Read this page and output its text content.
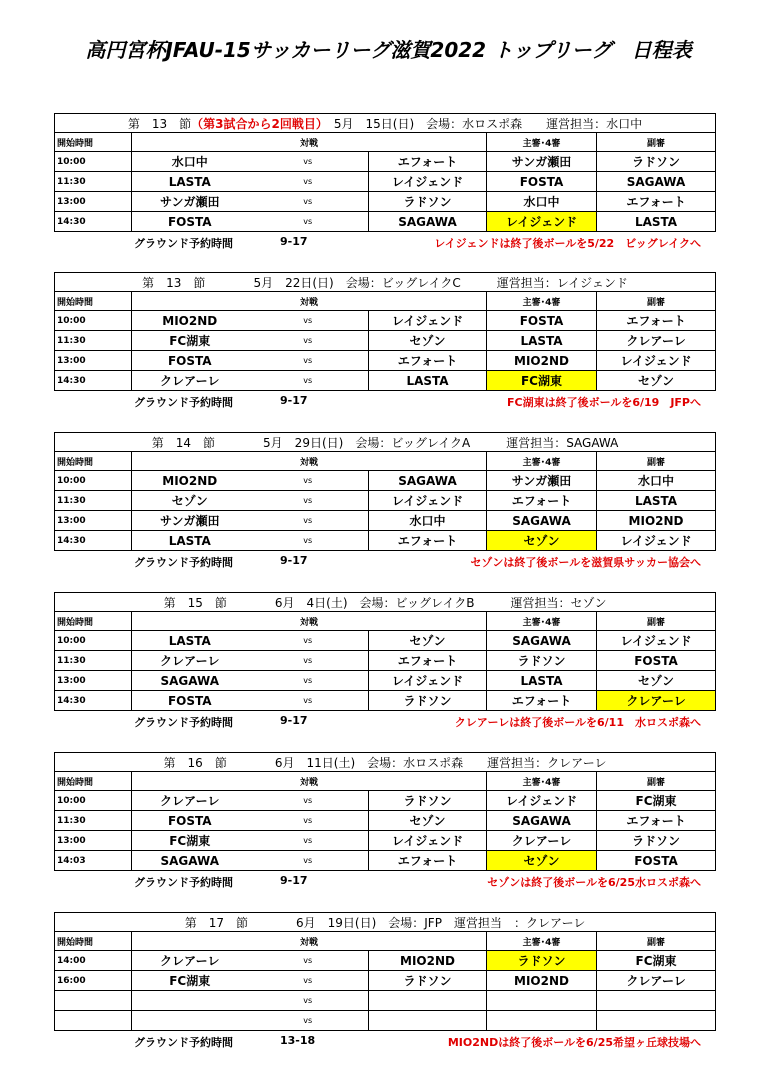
高円宮杯JFAU-15サッカーリーグ滋賀2022 トップリーグ　日程表
第　13　節（第3試合から2回戦目）　 5月　15日(日)　会場：水ロスポ森　　運営担当：水口中					
開始時間	対戦			主審･4審	副審
10:00	水口中	vs	エフォート	サンガ瀬田	ラドソン
11:30	LASTA	vs	レイジェンド	FOSTA	SAGAWA
13:00	サンガ瀬田	vs	ラドソン	水口中	エフォート
14:30	FOSTA	vs	SAGAWA	レイジェンド	LASTA
グラウンド予約時間	9-17	レイジェンドは終了後ボールを5/22　ビッグレイクへ
第　13　節　　　　 5月　22日(日)　会場：ビッグレイクC　　　運営担当：レイジェンド					
開始時間	対戦			主審･4審	副審
10:00	MIO2ND	vs	レイジェンド	FOSTA	エフォート
11:30	FC湖東	vs	セゾン	LASTA	クレアーレ
13:00	FOSTA	vs	エフォート	MIO2ND	レイジェンド
14:30	クレアーレ	vs	LASTA	FC湖東	セゾン
グラウンド予約時間	9-17	FC湖東は終了後ボールを6/19　JFPへ
第　14　節　　　　 5月　29日(日)　会場：ビッグレイクA　　　運営担当：SAGAWA					
開始時間	対戦			主審･4審	副審
10:00	MIO2ND	vs	SAGAWA	サンガ瀬田	水口中
11:30	セゾン	vs	レイジェンド	エフォート	LASTA
13:00	サンガ瀬田	vs	水口中	SAGAWA	MIO2ND
14:30	LASTA	vs	エフォート	セゾン	レイジェンド
グラウンド予約時間	9-17	セゾンは終了後ボールを滋賀県サッカー協会へ
第　15　節　　　　 6月　4日(土)　会場：ビッグレイクB　　　運営担当：セゾン					
開始時間	対戦			主審･4審	副審
10:00	LASTA	vs	セゾン	SAGAWA	レイジェンド
11:30	クレアーレ	vs	エフォート	ラドソン	FOSTA
13:00	SAGAWA	vs	レイジェンド	LASTA	セゾン
14:30	FOSTA	vs	ラドソン	エフォート	クレアーレ
グラウンド予約時間	9-17	クレアーレは終了後ボールを6/11　水ロスポ森へ
第　16　節　　　　 6月　11日(土)　会場：水ロスポ森　　運営担当：クレアーレ					
開始時間	対戦			主審･4審	副審
10:00	クレアーレ	vs	ラドソン	レイジェンド	FC湖東
11:30	FOSTA	vs	セゾン	SAGAWA	エフォート
13:00	FC湖東	vs	レイジェンド	クレアーレ	ラドソン
14:03	SAGAWA	vs	エフォート	セゾン	FOSTA
グラウンド予約時間	9-17	セゾンは終了後ボールを6/25水ロスポ森へ
第　17　節　　　　 6月　19日(日)　会場：JFP　運営担当　：クレアーレ					
開始時間	対戦			主審･4審	副審
14:00	クレアーレ	vs	MIO2ND	ラドソン	FC湖東
16:00	FC湖東	vs	ラドソン	MIO2ND	クレアーレ
		vs			
		vs			
グラウンド予約時間	13-18	MIO2NDは終了後ボールを6/25希望ヶ丘球技場へ
